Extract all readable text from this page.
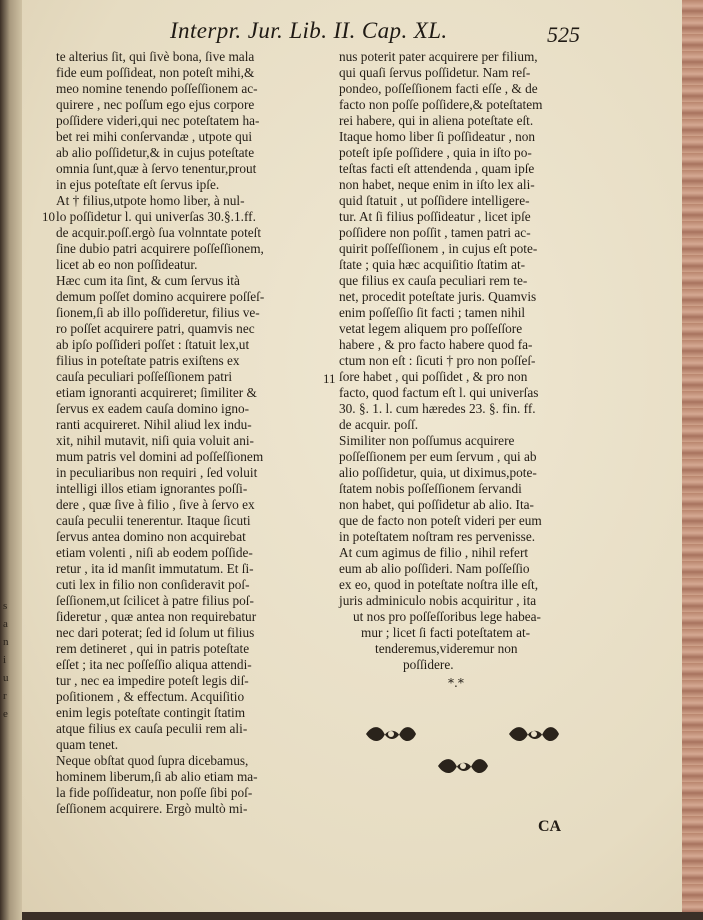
s
a
n
i
u
r
e
Interpr. Jur. Lib. II. Cap. XL.	525
10
11
te alterius ſit, qui ſivè bona, ſive mala
fide eum poſſideat, non poteſt mihi,&
meo nomine tenendo poſſeſſionem ac-
quirere , nec poſſum ego ejus corpore
poſſidere videri,qui nec poteſtatem ha-
bet rei mihi conſervandæ , utpote qui
ab alio poſſidetur,& in cujus poteſtate
omnia ſunt,quæ à ſervo tenentur,prout
in ejus poteſtate eſt ſervus ipſe.
At † filius,utpote homo liber, à nul-
lo poſſidetur l. qui univerſas 30.§.1.ff.
de acquir.poſſ.ergò ſua volnntate poteſt
ſine dubio patri acquirere poſſeſſionem,
licet ab eo non poſſideatur.
Hæc cum ita ſint, & cum ſervus ità
demum poſſet domino acquirere poſſeſ-
ſionem,ſi ab illo poſſideretur, filius ve-
ro poſſet acquirere patri, quamvis nec
ab ipſo poſſideri poſſet : ſtatuit lex,ut
filius in poteſtate patris exiſtens ex
cauſa peculiari poſſeſſionem patri
etiam ignoranti acquireret; ſimiliter &
ſervus ex eadem cauſa domino igno-
ranti acquireret. Nihil aliud lex indu-
xit, nihil mutavit, niſi quia voluit ani-
mum patris vel domini ad poſſeſſionem
in peculiaribus non requiri , ſed voluit
intelligi illos etiam ignorantes poſſi-
dere , quæ ſive à filio , ſive à ſervo ex
cauſa peculii tenerentur. Itaque ſicuti
ſervus antea domino non acquirebat
etiam volenti , niſi ab eodem poſſide-
retur , ita id manſit immutatum. Et ſi-
cuti lex in filio non conſideravit poſ-
ſeſſionem,ut ſcilicet à patre filius poſ-
ſideretur , quæ antea non requirebatur
nec dari poterat; ſed id ſolum ut filius
rem detineret , qui in patris poteſtate
eſſet ; ita nec poſſeſſio aliqua attendi-
tur , nec ea impedire poteſt legis diſ-
poſitionem , & effectum. Acquiſitio
enim legis poteſtate contingit ſtatim
atque filius ex cauſa peculii rem ali-
quam tenet.
Neque obſtat quod ſupra dicebamus,
hominem liberum,ſi ab alio etiam ma-
la fide poſſideatur, non poſſe ſibi poſ-
ſeſſionem acquirere. Ergò multò mi-
nus poterit pater acquirere per filium,
qui quaſi ſervus poſſidetur. Nam reſ-
pondeo, poſſeſſionem facti eſſe , & de
facto non poſſe poſſidere,& poteſtatem
rei habere, qui in aliena poteſtate eſt.
Itaque homo liber ſi poſſideatur , non
poteſt ipſe poſſidere , quia in iſto po-
teſtas facti eſt attendenda , quam ipſe
non habet, neque enim in iſto lex ali-
quid ſtatuit , ut poſſidere intelligere-
tur. At ſi filius poſſideatur , licet ipſe
poſſidere non poſſit , tamen patri ac-
quirit poſſeſſionem , in cujus eſt pote-
ſtate ; quia hæc acquiſitio ſtatim at-
que filius ex cauſa peculiari rem te-
net, procedit poteſtate juris. Quamvis
enim poſſeſſio ſit facti ; tamen nihil
vetat legem aliquem pro poſſeſſore
habere , & pro facto habere quod fa-
ctum non eſt : ſicuti † pro non poſſeſ-
ſore habet , qui poſſidet , & pro non
facto, quod factum eſt l. qui univerſas
30. §. 1. l. cum hæredes 23. §. fin. ff.
de acquir. poſſ.
Similiter non poſſumus acquirere
poſſeſſionem per eum ſervum , qui ab
alio poſſidetur, quia, ut diximus,pote-
ſtatem nobis poſſeſſionem ſervandi
non habet, qui poſſidetur ab alio. Ita-
que de facto non poteſt videri per eum
in poteſtatem noſtram res pervenisse.
At cum agimus de filio , nihil refert
eum ab alio poſſideri. Nam poſſeſſio
ex eo, quod in poteſtate noſtra ille eſt,
juris adminiculo nobis acquiritur , ita
ut nos pro poſſeſſoribus lege habea-
mur ; licet ſi facti poteſtatem at-
tenderemus,videremur non
poſſidere.
*.*
CA
